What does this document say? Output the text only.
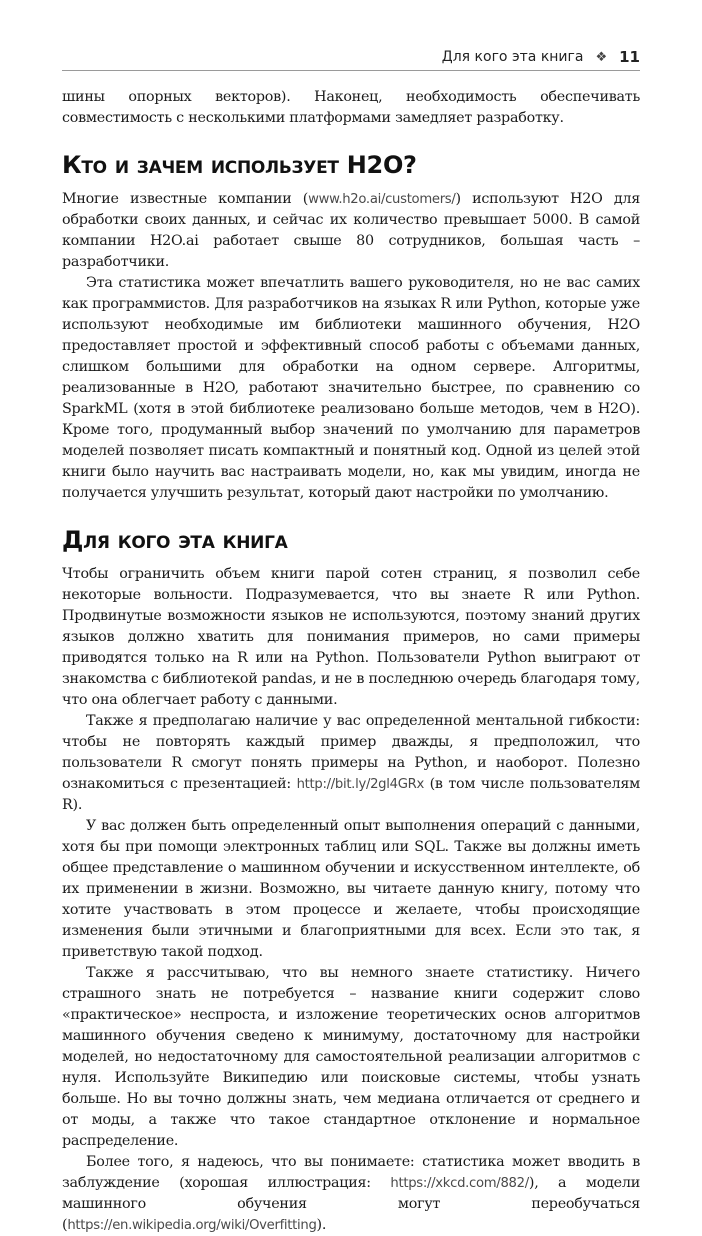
Для кого эта книга ❖ 11

шины опорных векторов). Наконец, необходимость обеспечивать совместимость с несколькими платформами замедляет разработку.

Кто и зачем использует H2O?

Многие известные компании (www.h2o.ai/customers/) используют H2O для обработки своих данных, и сейчас их количество превышает 5000. В самой компании H2O.ai работает свыше 80 сотрудников, большая часть – разработчики.

Эта статистика может впечатлить вашего руководителя, но не вас самих как программистов. Для разработчиков на языках R или Python, которые уже используют необходимые им библиотеки машинного обучения, H2O предоставляет простой и эффективный способ работы с объемами данных, слишком большими для обработки на одном сервере. Алгоритмы, реализованные в H2O, работают значительно быстрее, по сравнению со SparkML (хотя в этой библиотеке реализовано больше методов, чем в H2O). Кроме того, продуманный выбор значений по умолчанию для параметров моделей позволяет писать компактный и понятный код. Одной из целей этой книги было научить вас настраивать модели, но, как мы увидим, иногда не получается улучшить результат, который дают настройки по умолчанию.

Для кого эта книга

Чтобы ограничить объем книги парой сотен страниц, я позволил себе некоторые вольности. Подразумевается, что вы знаете R или Python. Продвинутые возможности языков не используются, поэтому знаний других языков должно хватить для понимания примеров, но сами примеры приводятся только на R или на Python. Пользователи Python выиграют от знакомства с библиотекой pandas, и не в последнюю очередь благодаря тому, что она облегчает работу с данными.

Также я предполагаю наличие у вас определенной ментальной гибкости: чтобы не повторять каждый пример дважды, я предположил, что пользователи R смогут понять примеры на Python, и наоборот. Полезно ознакомиться с презентацией: http://bit.ly/2gl4GRx (в том числе пользователям R).

У вас должен быть определенный опыт выполнения операций с данными, хотя бы при помощи электронных таблиц или SQL. Также вы должны иметь общее представление о машинном обучении и искусственном интеллекте, об их применении в жизни. Возможно, вы читаете данную книгу, потому что хотите участвовать в этом процессе и желаете, чтобы происходящие изменения были этичными и благоприятными для всех. Если это так, я приветствую такой подход.

Также я рассчитываю, что вы немного знаете статистику. Ничего страшного знать не потребуется – название книги содержит слово «практическое» неспроста, и изложение теоретических основ алгоритмов машинного обучения сведено к минимуму, достаточному для настройки моделей, но недостаточному для самостоятельной реализации алгоритмов с нуля. Используйте Википедию или поисковые системы, чтобы узнать больше. Но вы точно должны знать, чем медиана отличается от среднего и от моды, а также что такое стандартное отклонение и нормальное распределение.

Более того, я надеюсь, что вы понимаете: статистика может вводить в заблуждение (хорошая иллюстрация: https://xkcd.com/882/), а модели машинного обучения могут переобучаться (https://en.wikipedia.org/wiki/Overfitting).
